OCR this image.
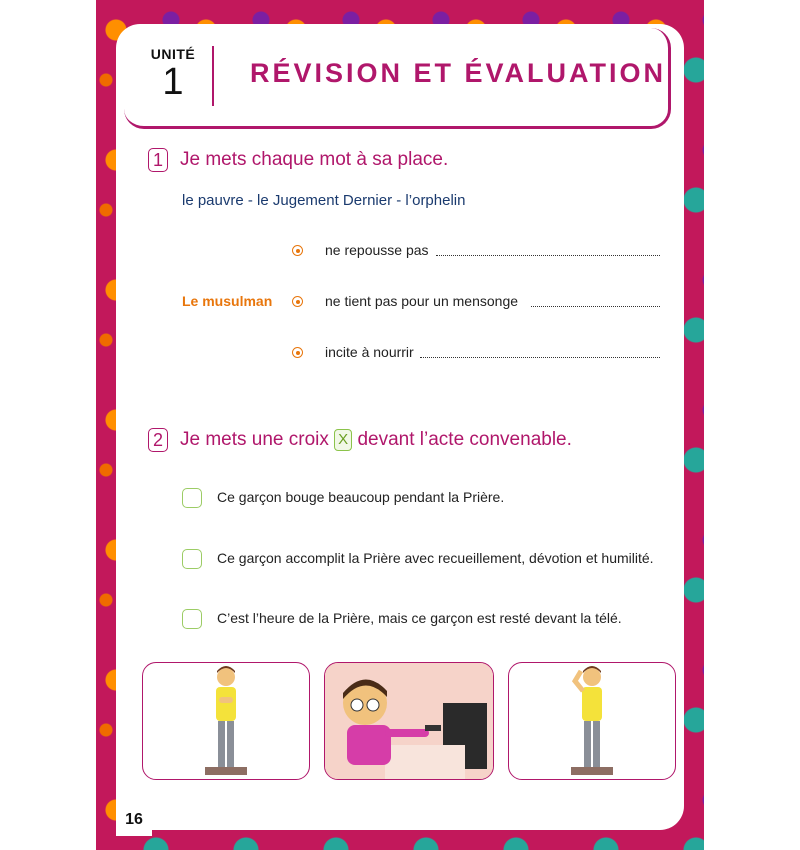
UNITÉ
1	RÉVISION ET ÉVALUATION
1 Je mets chaque mot à sa place.
le pauvre - le Jugement Dernier - l’orphelin
Le musulman
ne repousse pas
ne tient pas pour un mensonge
incite à nourrir
2 Je mets une croix X devant l’acte convenable.
Ce garçon bouge beaucoup pendant la Prière.
Ce garçon accomplit la Prière avec recueillement, dévotion et humilité.
C’est l’heure de la Prière, mais ce garçon est resté devant la télé.
16
